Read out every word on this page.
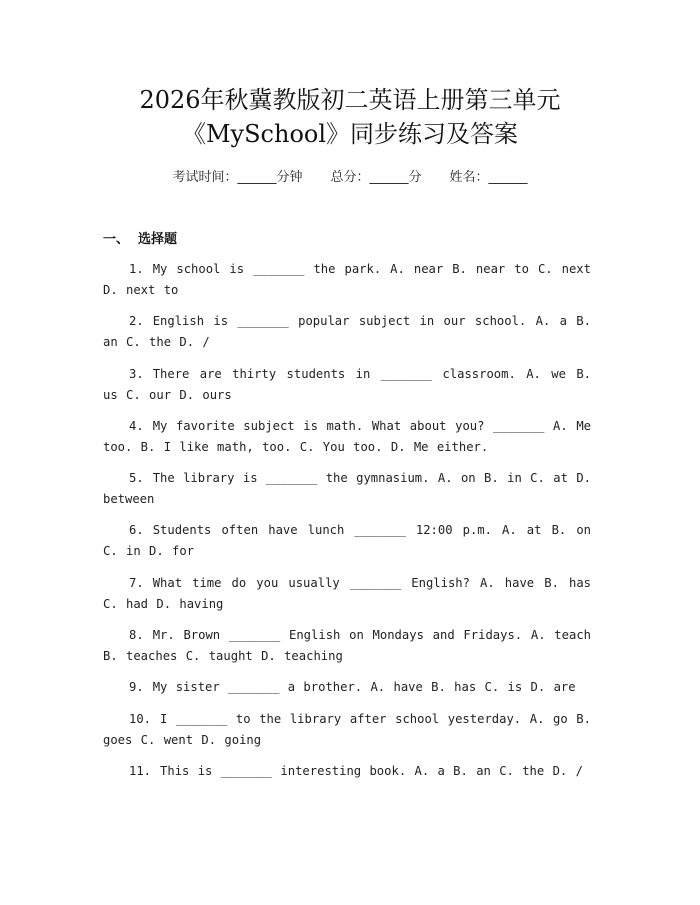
2026年秋冀教版初二英语上册第三单元
《MySchool》同步练习及答案
考试时间：______分钟 总分：______分 姓名：______
一、  选择题
1. My school is _______ the park. A. near B. near to C. next D. next to
2. English is _______ popular subject in our school. A. a B. an C. the D. /
3. There are thirty students in _______ classroom. A. we B. us C. our D. ours
4. My favorite subject is math. What about you? _______ A. Me too. B. I like math, too. C. You too. D. Me either.
5. The library is _______ the gymnasium. A. on B. in C. at D. between
6. Students often have lunch _______ 12:00 p.m. A. at B. on C. in D. for
7. What time do you usually _______ English? A. have B. has C. had D. having
8. Mr. Brown _______ English on Mondays and Fridays. A. teach B. teaches C. taught D. teaching
9. My sister _______ a brother. A. have B. has C. is D. are
10. I _______ to the library after school yesterday. A. go B. goes C. went D. going
11. This is _______ interesting book. A. a B. an C. the D. /
